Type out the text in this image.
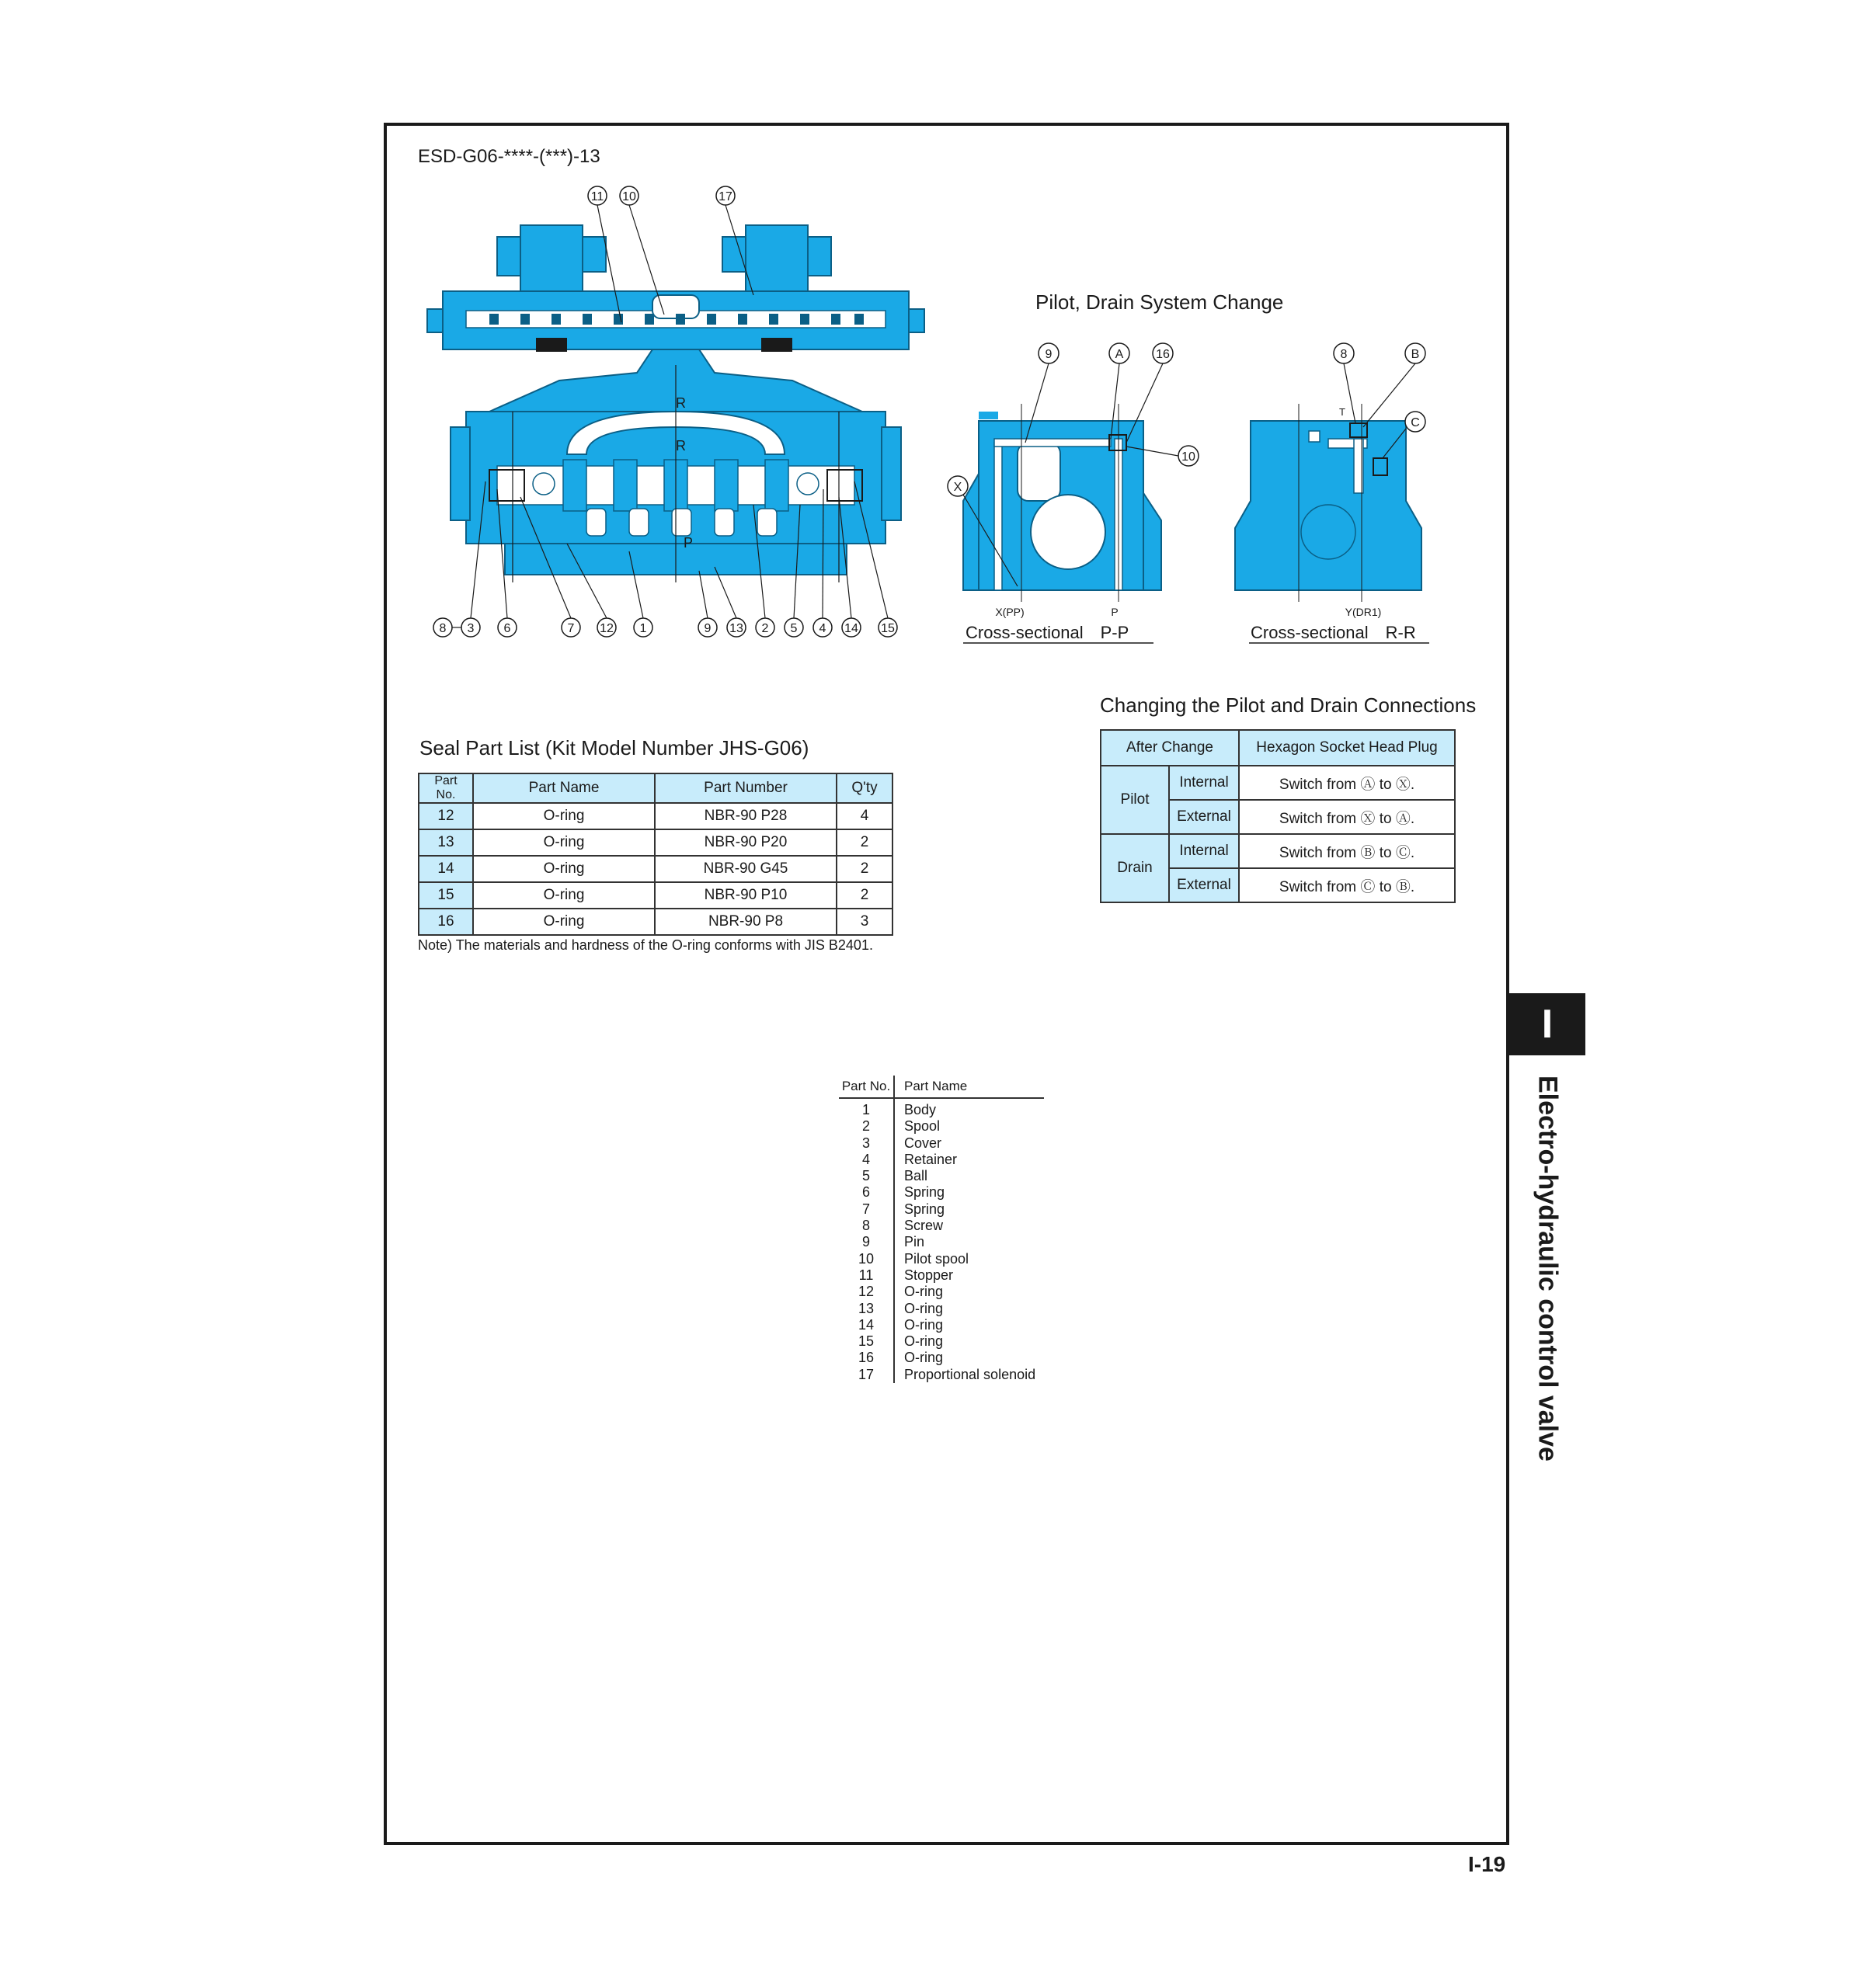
ESD-G06-****-(***)-13
R
R
P
11 10	17
8 3 6	7 12 1	9 13 2 5 4 14 15
Pilot, Drain System Change
9	A	16
10
X
X(PP)	P
Cross-sectional　P-P
8	B
C
T
Y(DR1)
Cross-sectional　R-R
Changing the Pilot and Drain Connections
After Change		Hexagon Socket Head Plug
Pilot	Internal	Switch from Ⓐ to Ⓧ.
	External	Switch from Ⓧ to Ⓐ.
Drain	Internal	Switch from Ⓑ to Ⓒ.
	External	Switch from Ⓒ to Ⓑ.
Seal Part List (Kit Model Number JHS-G06)
Part No.	Part Name	Part Number	Q'ty
12	O-ring	NBR-90 P28	4
13	O-ring	NBR-90 P20	2
14	O-ring	NBR-90 G45	2
15	O-ring	NBR-90 P10	2
16	O-ring	NBR-90 P8	3
Note) The materials and hardness of the O-ring conforms with JIS B2401.
Part No.	Part Name
1	Body
2	Spool
3	Cover
4	Retainer
5	Ball
6	Spring
7	Spring
8	Screw
9	Pin
10	Pilot spool
11	Stopper
12	O-ring
13	O-ring
14	O-ring
15	O-ring
16	O-ring
17	Proportional solenoid
I
Electro-hydraulic control valve
I-19
